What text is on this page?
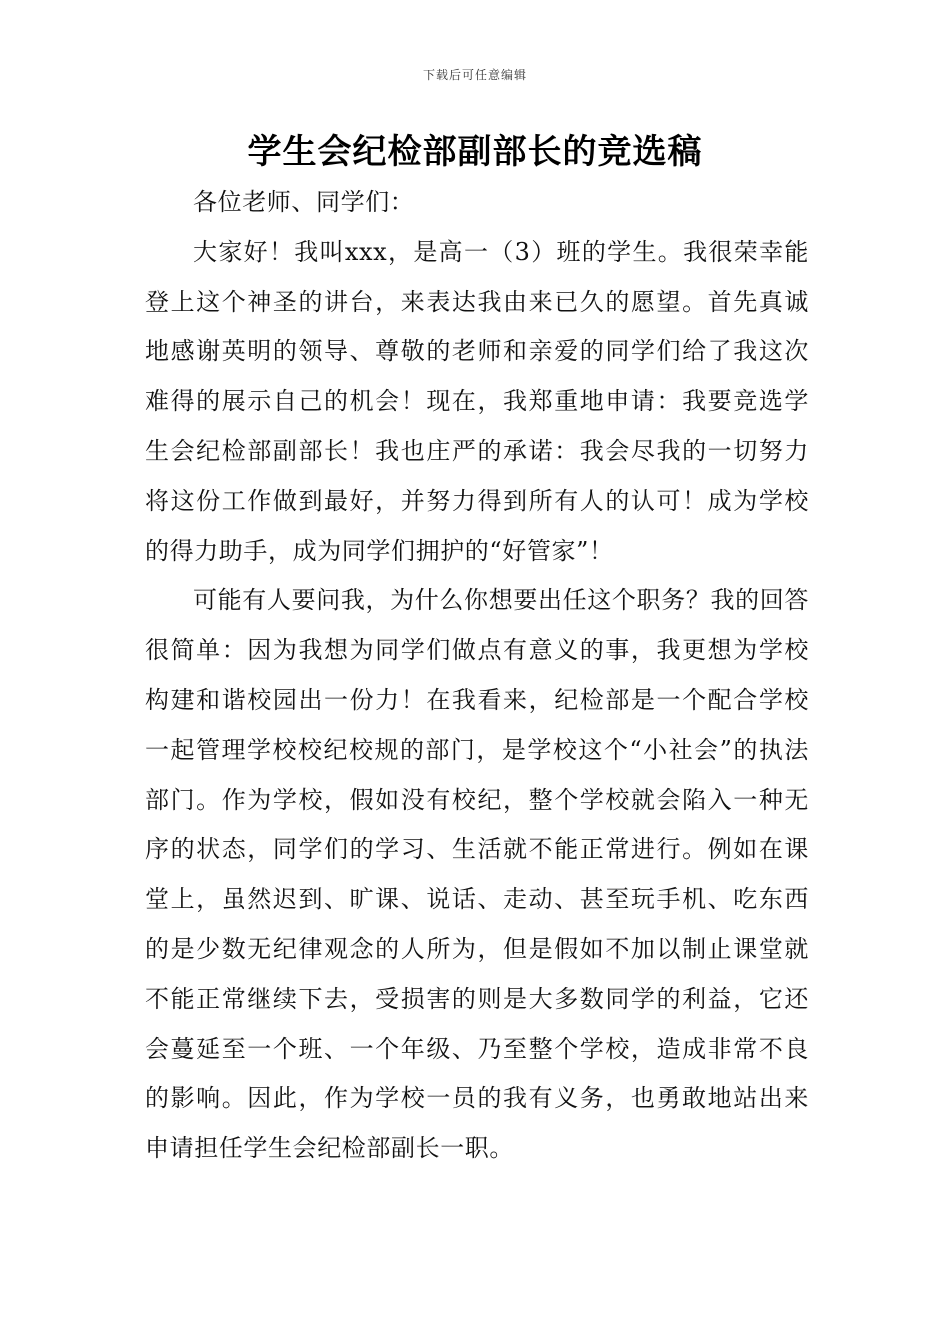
下载后可任意编辑
学生会纪检部副部长的竞选稿

各位老师、同学们：

大家好！我叫xxx，是高一（3）班的学生。我很荣幸能登上这个神圣的讲台，来表达我由来已久的愿望。首先真诚地感谢英明的领导、尊敬的老师和亲爱的同学们给了我这次难得的展示自己的机会！现在，我郑重地申请：我要竞选学生会纪检部副部长！我也庄严的承诺：我会尽我的一切努力将这份工作做到最好，并努力得到所有人的认可！成为学校的得力助手，成为同学们拥护的“好管家”！

可能有人要问我，为什么你想要出任这个职务？我的回答很简单：因为我想为同学们做点有意义的事，我更想为学校构建和谐校园出一份力！在我看来，纪检部是一个配合学校一起管理学校校纪校规的部门，是学校这个“小社会”的执法部门。作为学校，假如没有校纪，整个学校就会陷入一种无序的状态，同学们的学习、生活就不能正常进行。例如在课堂上，虽然迟到、旷课、说话、走动、甚至玩手机、吃东西的是少数无纪律观念的人所为，但是假如不加以制止课堂就不能正常继续下去，受损害的则是大多数同学的利益，它还会蔓延至一个班、一个年级、乃至整个学校，造成非常不良的影响。因此，作为学校一员的我有义务，也勇敢地站出来申请担任学生会纪检部副长一职。
